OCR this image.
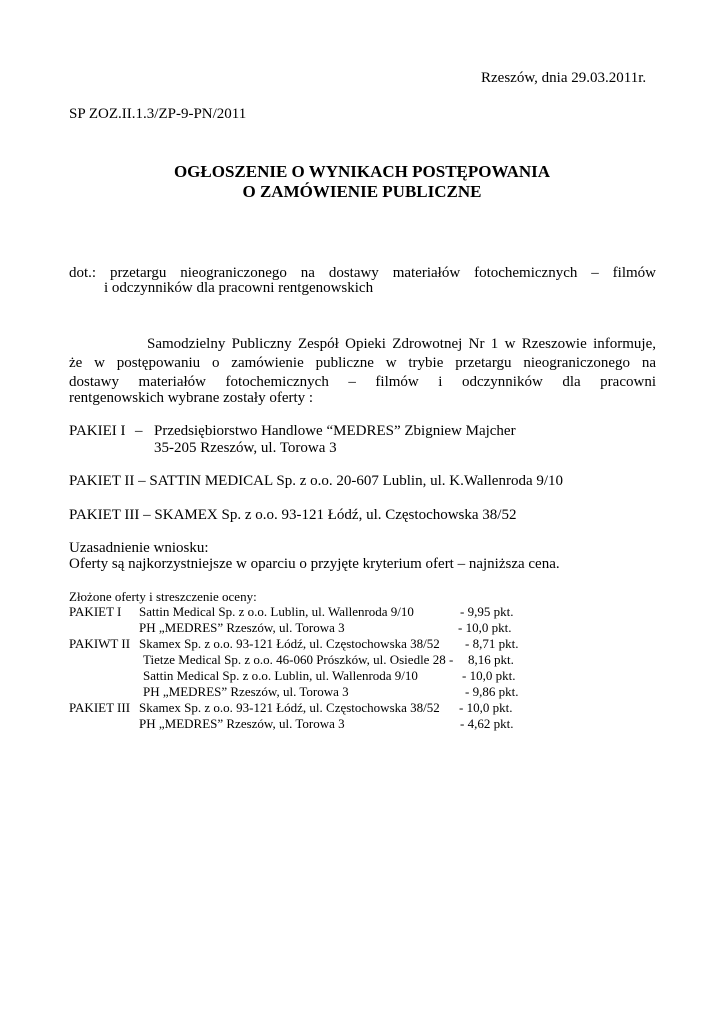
Rzeszów, dnia 29.03.2011r.
SP ZOZ.II.1.3/ZP-9-PN/2011
OGŁOSZENIE O WYNIKACH POSTĘPOWANIA
O ZAMÓWIENIE PUBLICZNE
dot.: przetargu nieograniczonego na dostawy materiałów fotochemicznych – filmów
i odczynników dla pracowni rentgenowskich
Samodzielny Publiczny Zespół Opieki Zdrowotnej Nr 1 w Rzeszowie informuje,
że w postępowaniu o zamówienie publiczne w trybie przetargu nieograniczonego na
dostawy materiałów fotochemicznych – filmów i odczynników dla pracowni
rentgenowskich wybrane zostały oferty :
PAKIEI I – Przedsiębiorstwo Handlowe “MEDRES” Zbigniew Majcher
35-205 Rzeszów, ul. Torowa 3
PAKIET II – SATTIN MEDICAL Sp. z o.o. 20-607 Lublin, ul. K.Wallenroda 9/10
PAKIET III – SKAMEX Sp. z o.o. 93-121 Łódź, ul. Częstochowska 38/52
Uzasadnienie wniosku:
Oferty są najkorzystniejsze w oparciu o przyjęte kryterium ofert – najniższa cena.
Złożone oferty i streszczenie oceny:
PAKIET I Sattin Medical Sp. z o.o. Lublin, ul. Wallenroda 9/10	- 9,95 pkt.
PH „MEDRES” Rzeszów, ul. Torowa 3	- 10,0 pkt.
PAKIWT II Skamex Sp. z o.o. 93-121 Łódź, ul. Częstochowska 38/52 - 8,71 pkt.
Tietze Medical Sp. z o.o. 46-060 Prószków, ul. Osiedle 28 - 8,16 pkt.
Sattin Medical Sp. z o.o. Lublin, ul. Wallenroda 9/10	- 10,0 pkt.
PH „MEDRES” Rzeszów, ul. Torowa 3	- 9,86 pkt.
PAKIET III Skamex Sp. z o.o. 93-121 Łódź, ul. Częstochowska 38/52 - 10,0 pkt.
PH „MEDRES” Rzeszów, ul. Torowa 3	- 4,62 pkt.
